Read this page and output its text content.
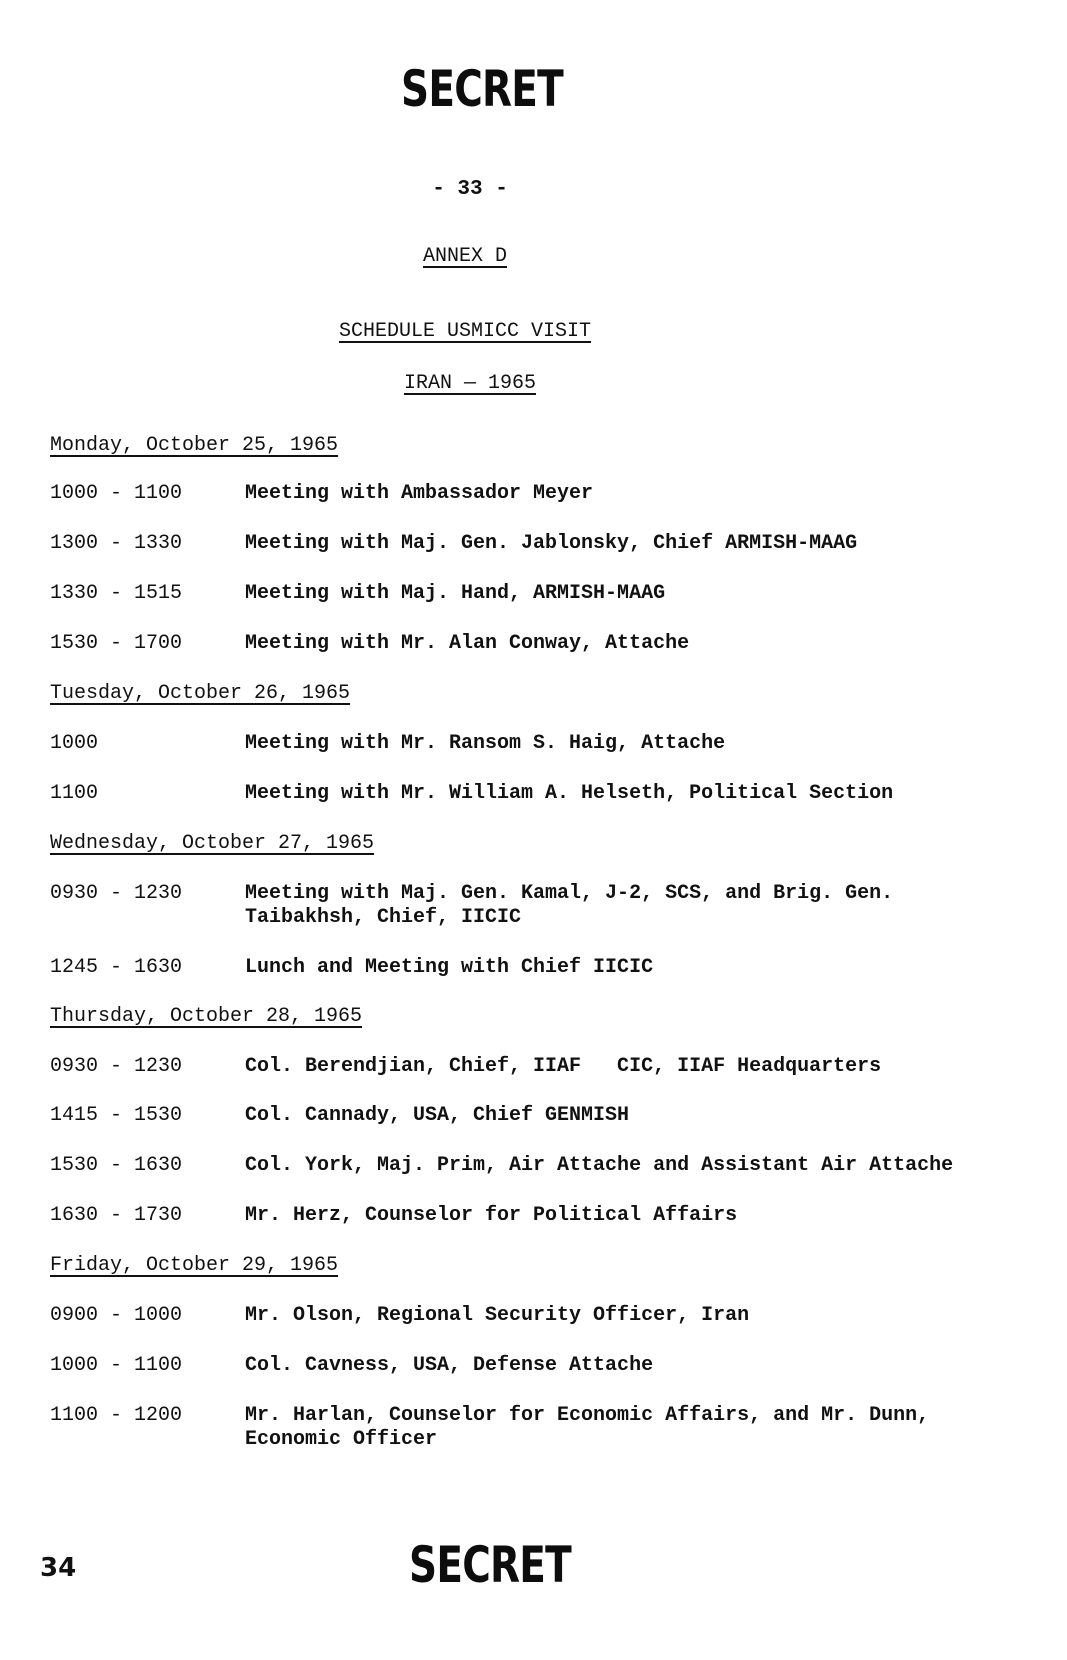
SECRET
- 33 -
ANNEX D
SCHEDULE USMICC VISIT
IRAN — 1965
Monday, October 25, 1965
1000 - 1100	Meeting with Ambassador Meyer
1300 - 1330	Meeting with Maj. Gen. Jablonsky, Chief ARMISH-MAAG
1330 - 1515	Meeting with Maj. Hand, ARMISH-MAAG
1530 - 1700	Meeting with Mr. Alan Conway, Attache
Tuesday, October 26, 1965
1000	Meeting with Mr. Ransom S. Haig, Attache
1100	Meeting with Mr. William A. Helseth, Political Section
Wednesday, October 27, 1965
0930 - 1230	Meeting with Maj. Gen. Kamal, J-2, SCS, and Brig. Gen.
Taibakhsh, Chief, IICIC
1245 - 1630	Lunch and Meeting with Chief IICIC
Thursday, October 28, 1965
0930 - 1230	Col. Berendjian, Chief, IIAF   CIC, IIAF Headquarters
1415 - 1530	Col. Cannady, USA, Chief GENMISH
1530 - 1630	Col. York, Maj. Prim, Air Attache and Assistant Air Attache
1630 - 1730	Mr. Herz, Counselor for Political Affairs
Friday, October 29, 1965
0900 - 1000	Mr. Olson, Regional Security Officer, Iran
1000 - 1100	Col. Cavness, USA, Defense Attache
1100 - 1200	Mr. Harlan, Counselor for Economic Affairs, and Mr. Dunn,
Economic Officer
34	SECRET
